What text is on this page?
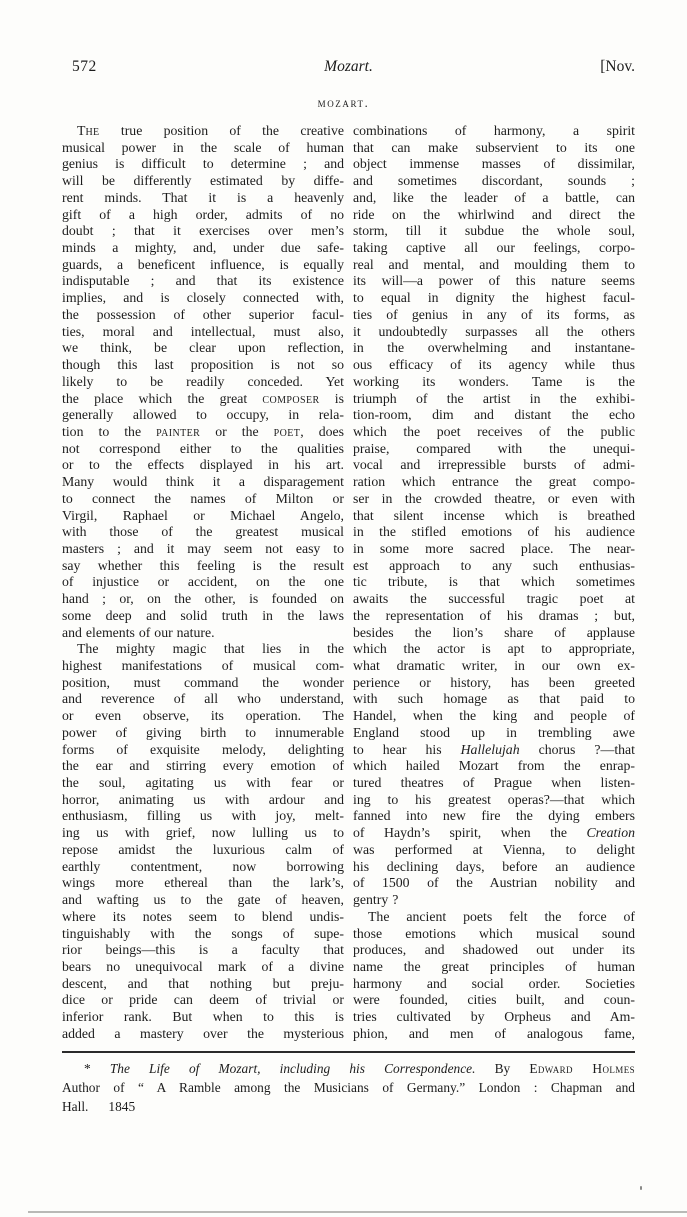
572	Mozart.	[Nov.
mozart.
The true position of the creative
musical power in the scale of human
genius is difficult to determine ; and
will be differently estimated by diffe-
rent minds. That it is a heavenly
gift of a high order, admits of no
doubt ; that it exercises over men’s
minds a mighty, and, under due safe-
guards, a beneficent influence, is equally
indisputable ; and that its existence
implies, and is closely connected with,
the possession of other superior facul-
ties, moral and intellectual, must also,
we think, be clear upon reflection,
though this last proposition is not so
likely to be readily conceded. Yet
the place which the great composer is
generally allowed to occupy, in rela-
tion to the painter or the poet, does
not correspond either to the qualities
or to the effects displayed in his art.
Many would think it a disparagement
to connect the names of Milton or
Virgil, Raphael or Michael Angelo,
with those of the greatest musical
masters ; and it may seem not easy to
say whether this feeling is the result
of injustice or accident, on the one
hand ; or, on the other, is founded on
some deep and solid truth in the laws
and elements of our nature.
The mighty magic that lies in the
highest manifestations of musical com-
position, must command the wonder
and reverence of all who understand,
or even observe, its operation. The
power of giving birth to innumerable
forms of exquisite melody, delighting
the ear and stirring every emotion of
the soul, agitating us with fear or
horror, animating us with ardour and
enthusiasm, filling us with joy, melt-
ing us with grief, now lulling us to
repose amidst the luxurious calm of
earthly contentment, now borrowing
wings more ethereal than the lark’s,
and wafting us to the gate of heaven,
where its notes seem to blend undis-
tinguishably with the songs of supe-
rior beings—this is a faculty that
bears no unequivocal mark of a divine
descent, and that nothing but preju-
dice or pride can deem of trivial or
inferior rank. But when to this is
added a mastery over the mysterious
combinations of harmony, a spirit
that can make subservient to its one
object immense masses of dissimilar,
and sometimes discordant, sounds ;
and, like the leader of a battle, can
ride on the whirlwind and direct the
storm, till it subdue the whole soul,
taking captive all our feelings, corpo-
real and mental, and moulding them to
its will—a power of this nature seems
to equal in dignity the highest facul-
ties of genius in any of its forms, as
it undoubtedly surpasses all the others
in the overwhelming and instantane-
ous efficacy of its agency while thus
working its wonders. Tame is the
triumph of the artist in the exhibi-
tion-room, dim and distant the echo
which the poet receives of the public
praise, compared with the unequi-
vocal and irrepressible bursts of admi-
ration which entrance the great compo-
ser in the crowded theatre, or even with
that silent incense which is breathed
in the stifled emotions of his audience
in some more sacred place. The near-
est approach to any such enthusias-
tic tribute, is that which sometimes
awaits the successful tragic poet at
the representation of his dramas ; but,
besides the lion’s share of applause
which the actor is apt to appropriate,
what dramatic writer, in our own ex-
perience or history, has been greeted
with such homage as that paid to
Handel, when the king and people of
England stood up in trembling awe
to hear his Hallelujah chorus ?—that
which hailed Mozart from the enrap-
tured theatres of Prague when listen-
ing to his greatest operas?—that which
fanned into new fire the dying embers
of Haydn’s spirit, when the Creation
was performed at Vienna, to delight
his declining days, before an audience
of 1500 of the Austrian nobility and
gentry ?
The ancient poets felt the force of
those emotions which musical sound
produces, and shadowed out under its
name the great principles of human
harmony and social order. Societies
were founded, cities built, and coun-
tries cultivated by Orpheus and Am-
phion, and men of analogous fame,
* The Life of Mozart, including his Correspondence. By Edward Holmes
Author of “ A Ramble among the Musicians of Germany.” London : Chapman and
Hall. 1845
